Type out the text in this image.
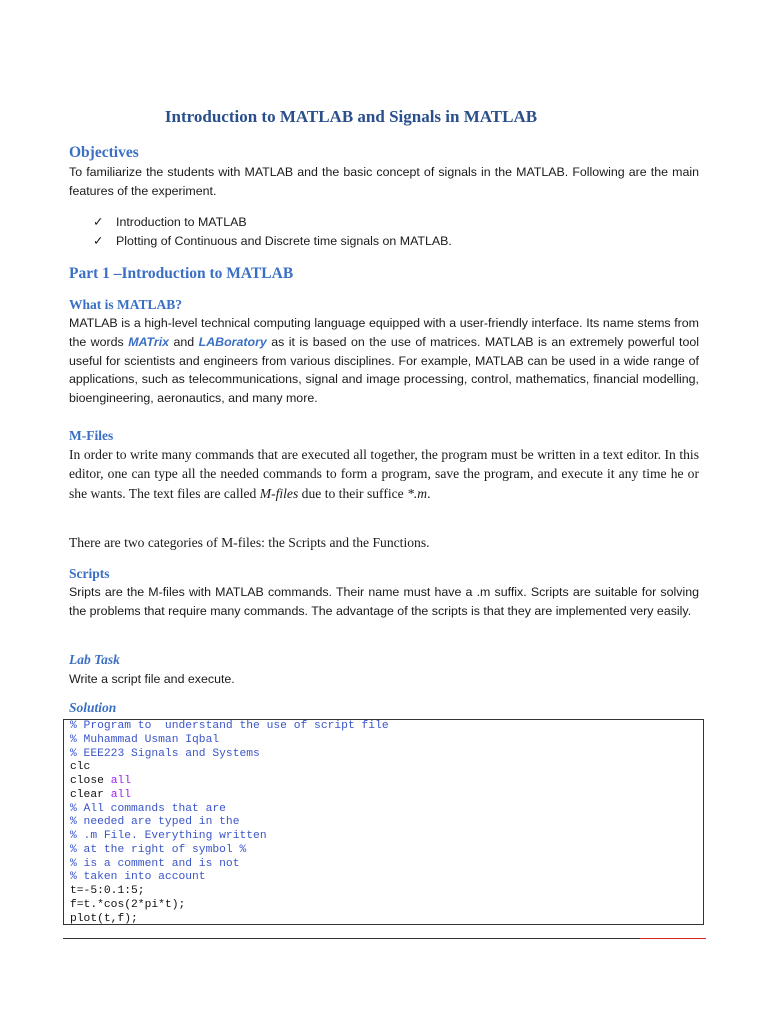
Introduction to MATLAB and Signals in MATLAB
Objectives
To familiarize the students with MATLAB and the basic concept of signals in the MATLAB. Following are the main features of the experiment.
✓ Introduction to MATLAB
✓ Plotting of Continuous and Discrete time signals on MATLAB.
Part 1 –Introduction to MATLAB
What is MATLAB?
MATLAB is a high-level technical computing language equipped with a user-friendly interface. Its name stems from the words MATrix and LABoratory as it is based on the use of matrices. MATLAB is an extremely powerful tool useful for scientists and engineers from various disciplines. For example, MATLAB can be used in a wide range of applications, such as telecommunications, signal and image processing, control, mathematics, financial modelling, bioengineering, aeronautics, and many more.
M-Files
In order to write many commands that are executed all together, the program must be written in a text editor. In this editor, one can type all the needed commands to form a program, save the program, and execute it any time he or she wants. The text files are called M-files due to their suffice *.m.
There are two categories of M-files: the Scripts and the Functions.
Scripts
Sripts are the M-files with MATLAB commands. Their name must have a .m suffix. Scripts are suitable for solving the problems that require many commands. The advantage of the scripts is that they are implemented very easily.
Lab Task
Write a script file and execute.
Solution
% Program to  understand the use of script file
% Muhammad Usman Iqbal
% EEE223 Signals and Systems
clc
close all
clear all
% All commands that are
% needed are typed in the
% .m File. Everything written
% at the right of symbol %
% is a comment and is not
% taken into account
t=-5:0.1:5;
f=t.*cos(2*pi*t);
plot(t,f);
